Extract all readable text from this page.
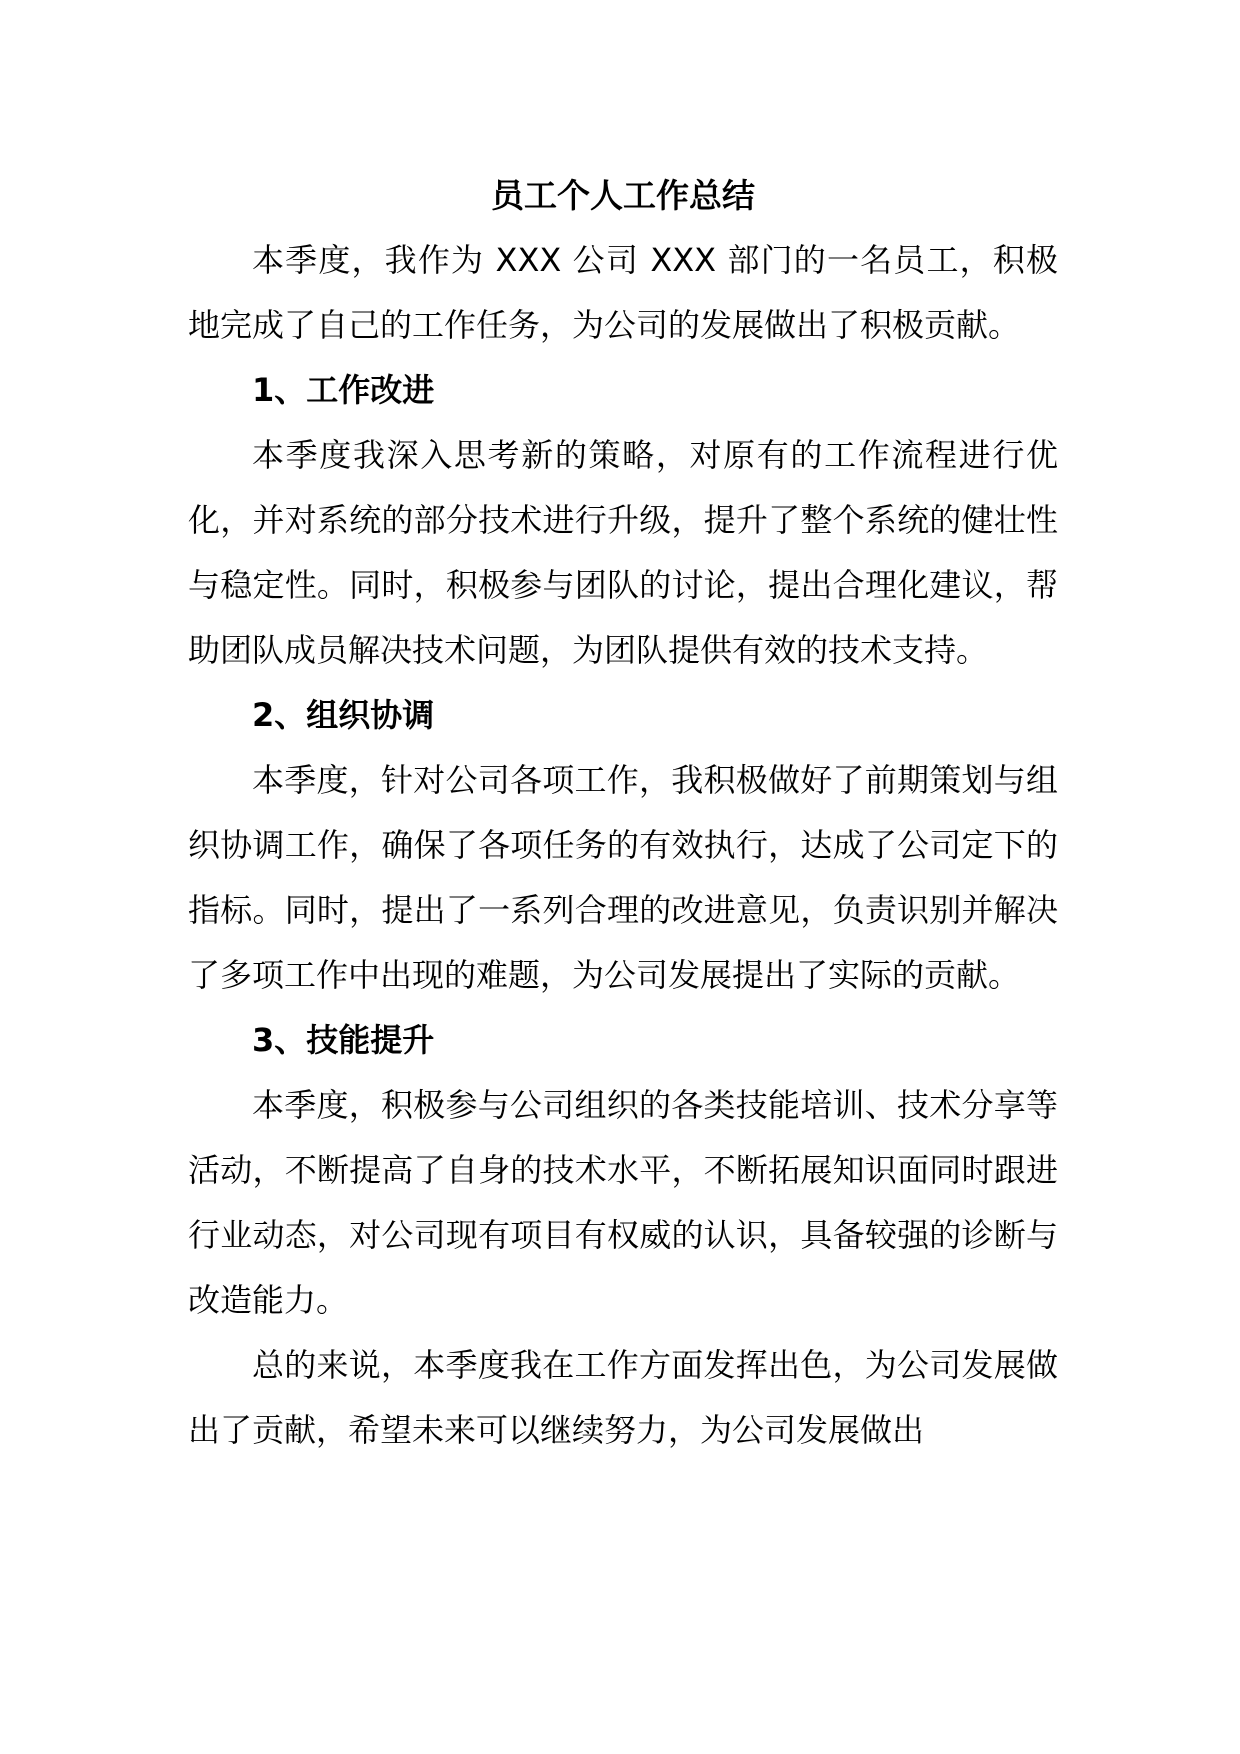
员工个人工作总结

本季度，我作为 XXX 公司 XXX 部门的一名员工，积极地完成了自己的工作任务，为公司的发展做出了积极贡献。

1、工作改进

本季度我深入思考新的策略，对原有的工作流程进行优化，并对系统的部分技术进行升级，提升了整个系统的健壮性与稳定性。同时，积极参与团队的讨论，提出合理化建议，帮助团队成员解决技术问题，为团队提供有效的技术支持。

2、组织协调

本季度，针对公司各项工作，我积极做好了前期策划与组织协调工作，确保了各项任务的有效执行，达成了公司定下的指标。同时，提出了一系列合理的改进意见，负责识别并解决了多项工作中出现的难题，为公司发展提出了实际的贡献。

3、技能提升

本季度，积极参与公司组织的各类技能培训、技术分享等活动，不断提高了自身的技术水平，不断拓展知识面同时跟进行业动态，对公司现有项目有权威的认识，具备较强的诊断与改造能力。

总的来说，本季度我在工作方面发挥出色，为公司发展做出了贡献，希望未来可以继续努力，为公司发展做出
